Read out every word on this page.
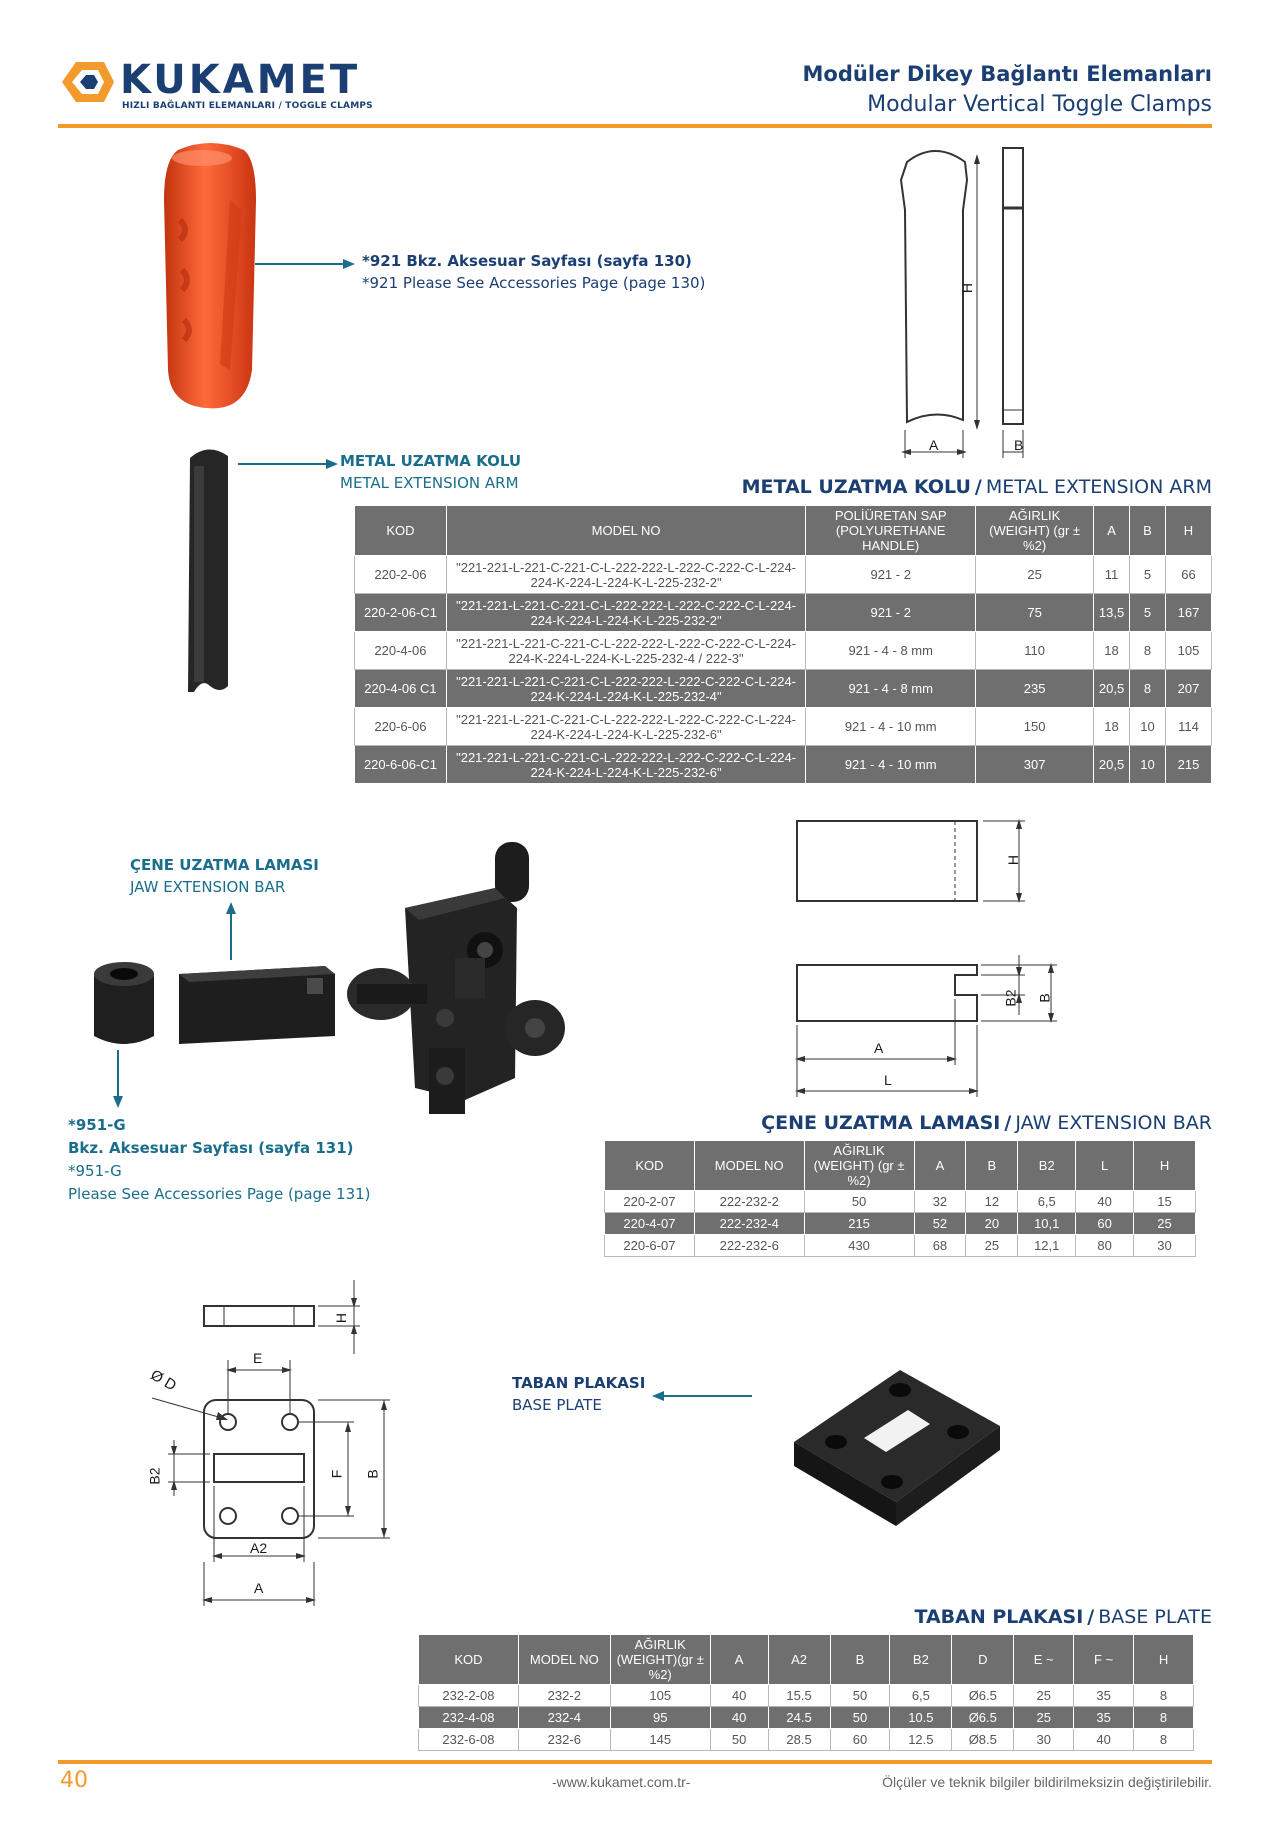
KUKAMET
HIZLI BAĞLANTI ELEMANLARI / TOGGLE CLAMPS
Modüler Dikey Bağlantı Elemanları
Modular Vertical Toggle Clamps
*921 Bkz. Aksesuar Sayfası (sayfa 130)
*921 Please See Accessories Page (page 130)
METAL UZATMA KOLU
METAL EXTENSION ARM
H
A	B
METAL UZATMA KOLU / METAL EXTENSION ARM
KOD	MODEL NO	POLİÜRETAN SAP (POLYURETHANE HANDLE)	AĞIRLIK (WEIGHT) (gr ±%2)	A	B	H
220-2-06	"221-221-L-221-C-221-C-L-222-222-L-222-C-222-C-L-224-224-K-224-L-224-K-L-225-232-2"	921 - 2	25	11	5	66
220-2-06-C1	"221-221-L-221-C-221-C-L-222-222-L-222-C-222-C-L-224-224-K-224-L-224-K-L-225-232-2"	921 - 2	75	13,5	5	167
220-4-06	"221-221-L-221-C-221-C-L-222-222-L-222-C-222-C-L-224-224-K-224-L-224-K-L-225-232-4 / 222-3"	921 - 4 - 8 mm	110	18	8	105
220-4-06 C1	"221-221-L-221-C-221-C-L-222-222-L-222-C-222-C-L-224-224-K-224-L-224-K-L-225-232-4"	921 - 4 - 8 mm	235	20,5	8	207
220-6-06	"221-221-L-221-C-221-C-L-222-222-L-222-C-222-C-L-224-224-K-224-L-224-K-L-225-232-6"	921 - 4 - 10 mm	150	18	10	114
220-6-06-C1	"221-221-L-221-C-221-C-L-222-222-L-222-C-222-C-L-224-224-K-224-L-224-K-L-225-232-6"	921 - 4 - 10 mm	307	20,5	10	215
ÇENE UZATMA LAMASI
JAW EXTENSION BAR
*951-G
Bkz. Aksesuar Sayfası (sayfa 131)
*951-G
Please See Accessories Page (page 131)
H
B2 B
A
L
ÇENE UZATMA LAMASI / JAW EXTENSION BAR
KOD	MODEL NO	AĞIRLIK (WEIGHT) (gr ±%2)	A	B	B2	L	H
220-2-07	222-232-2	50	32	12	6,5	40	15
220-4-07	222-232-4	215	52	20	10,1	60	25
220-6-07	222-232-6	430	68	25	12,1	80	30
H
E
Ø D
B2	F B
A2
A
TABAN PLAKASI
BASE PLATE
TABAN PLAKASI / BASE PLATE
KOD	MODEL NO	AĞIRLIK (WEIGHT)(gr ±%2)	A	A2	B	B2	D	E ~	F ~	H
232-2-08	232-2	105	40	15.5	50	6,5	Ø6.5	25	35	8
232-4-08	232-4	95	40	24.5	50	10.5	Ø6.5	25	35	8
232-6-08	232-6	145	50	28.5	60	12.5	Ø8.5	30	40	8
40	-www.kukamet.com.tr-	Ölçüler ve teknik bilgiler bildirilmeksizin değiştirilebilir.
